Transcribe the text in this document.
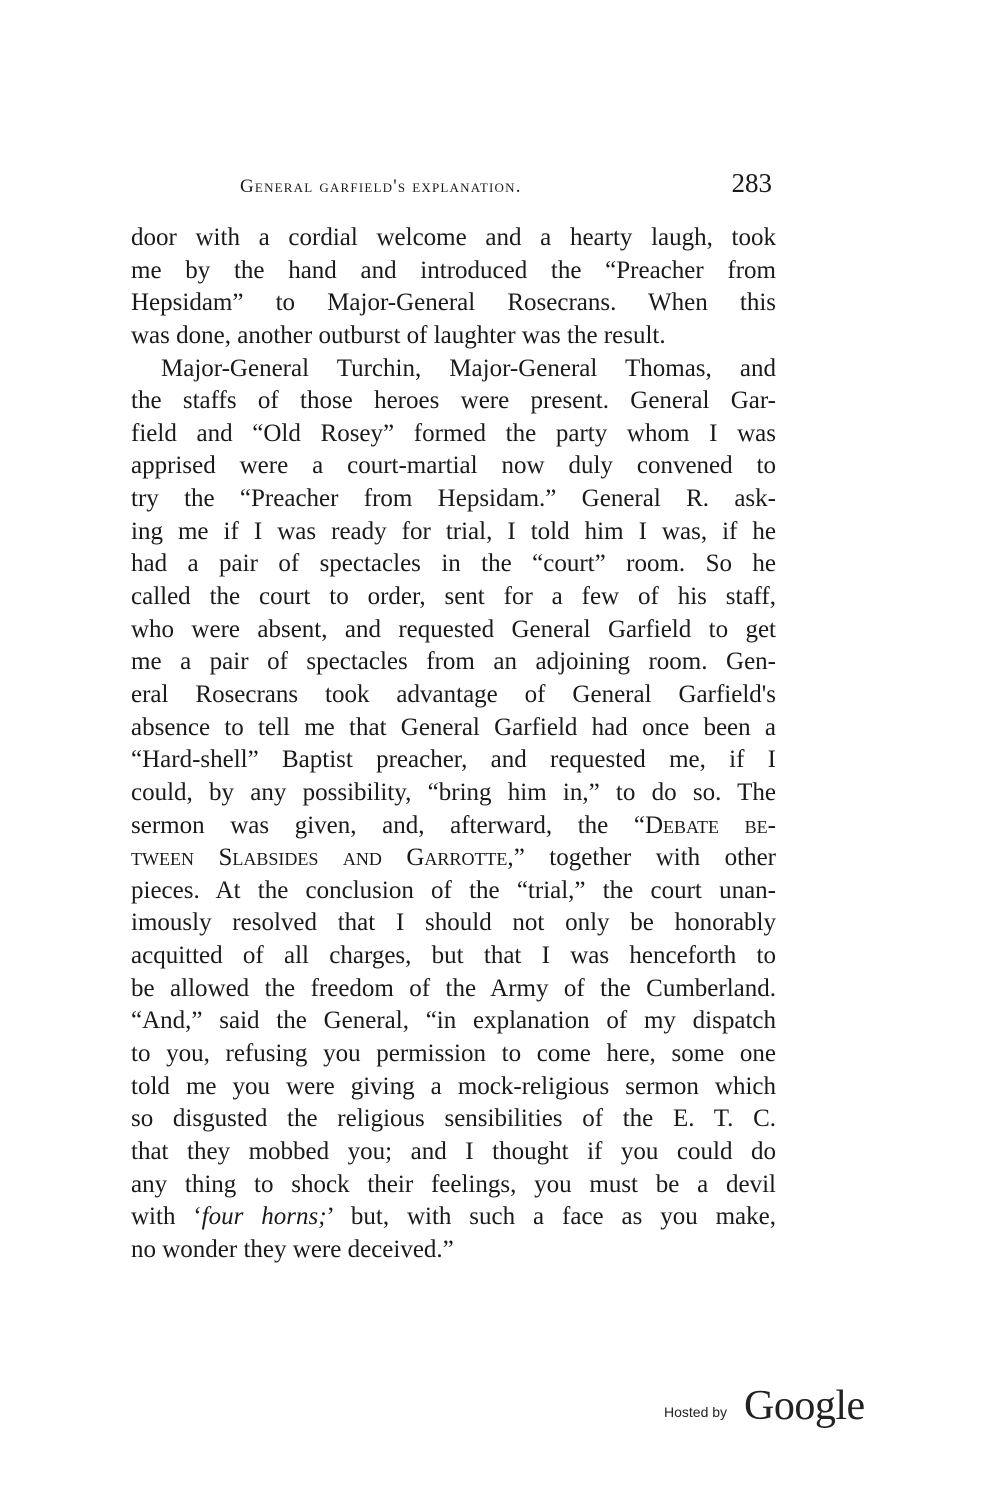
General garfield's explanation.	283
door with a cordial welcome and a hearty laugh, took
me by the hand and introduced the “Preacher from
Hepsidam” to Major-General Rosecrans. When this
was done, another outburst of laughter was the result.
Major-General Turchin, Major-General Thomas, and
the staffs of those heroes were present. General Gar-
field and “Old Rosey” formed the party whom I was
apprised were a court-martial now duly convened to
try the “Preacher from Hepsidam.” General R. ask-
ing me if I was ready for trial, I told him I was, if he
had a pair of spectacles in the “court” room. So he
called the court to order, sent for a few of his staff,
who were absent, and requested General Garfield to get
me a pair of spectacles from an adjoining room. Gen-
eral Rosecrans took advantage of General Garfield's
absence to tell me that General Garfield had once been a
“Hard-shell” Baptist preacher, and requested me, if I
could, by any possibility, “bring him in,” to do so. The
sermon was given, and, afterward, the “Debate be-
tween Slabsides and Garrotte,” together with other
pieces. At the conclusion of the “trial,” the court unan-
imously resolved that I should not only be honorably
acquitted of all charges, but that I was henceforth to
be allowed the freedom of the Army of the Cumberland.
“And,” said the General, “in explanation of my dispatch
to you, refusing you permission to come here, some one
told me you were giving a mock-religious sermon which
so disgusted the religious sensibilities of the E. T. C.
that they mobbed you; and I thought if you could do
any thing to shock their feelings, you must be a devil
with ‘four horns;’ but, with such a face as you make,
no wonder they were deceived.”
Hosted by Google
